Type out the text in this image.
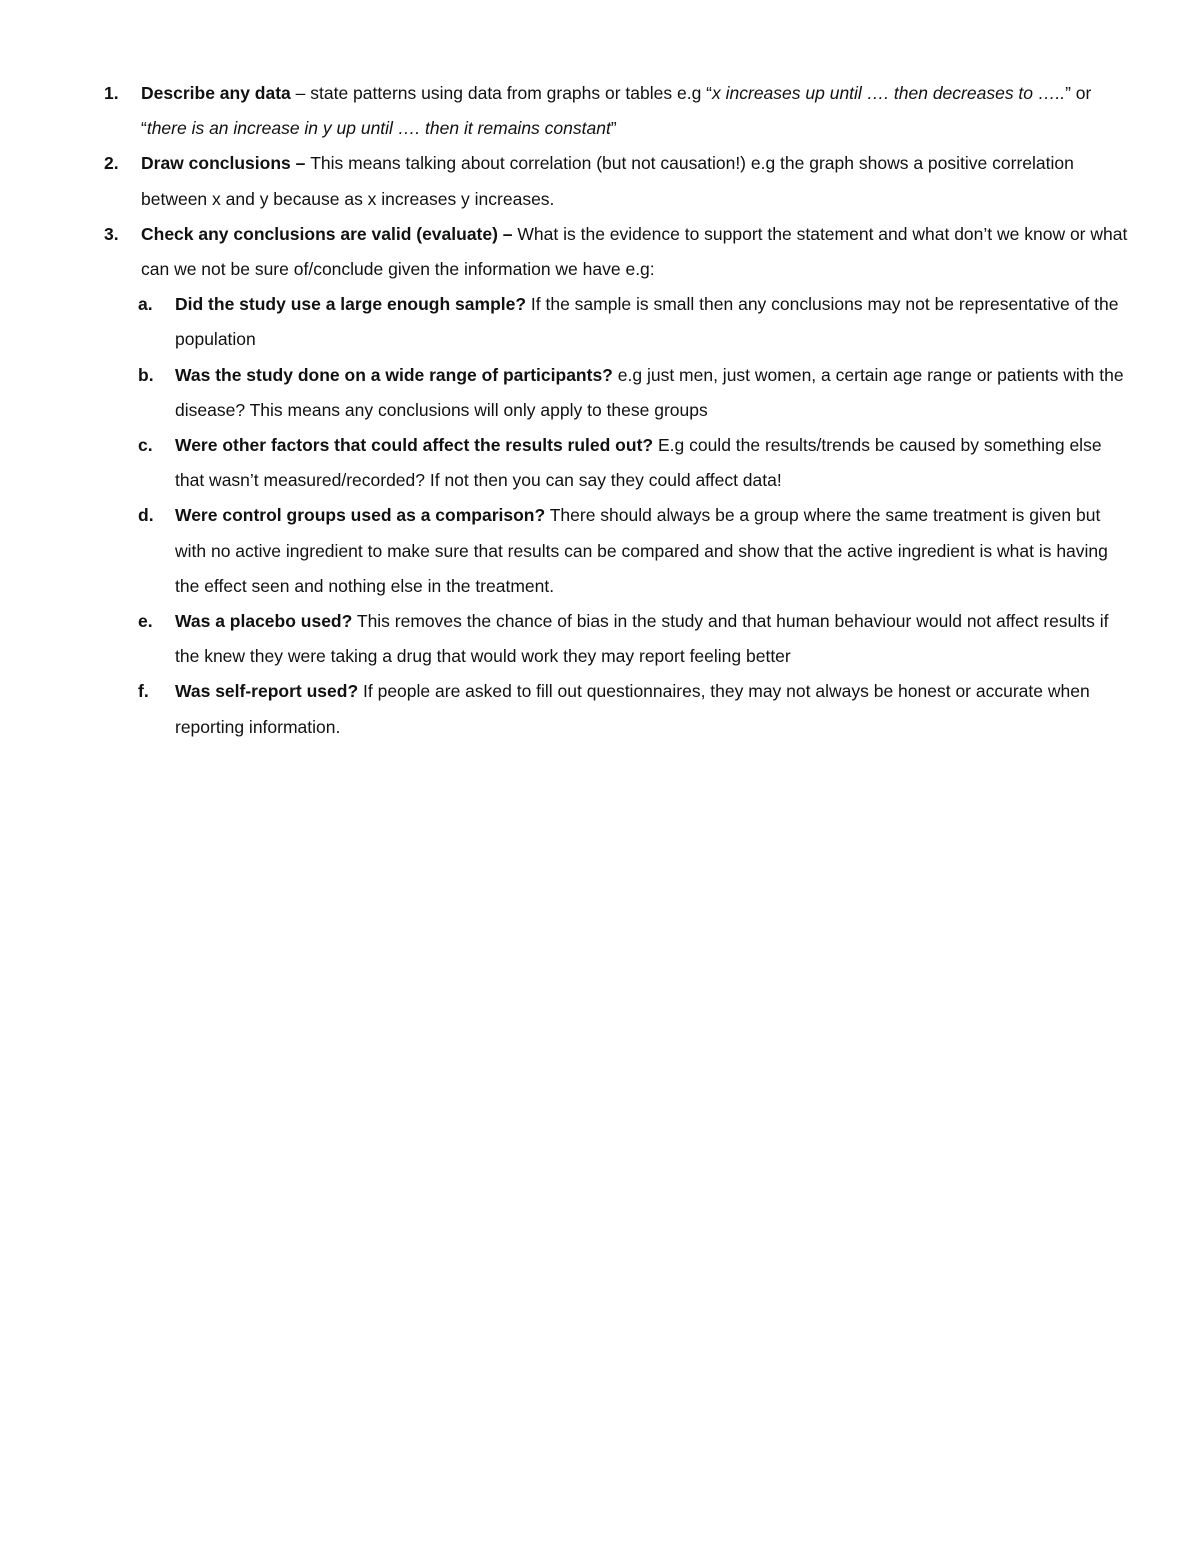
1. Describe any data – state patterns using data from graphs or tables e.g “x increases up until …. then decreases to …..” or “there is an increase in y up until …. then it remains constant”
2. Draw conclusions – This means talking about correlation (but not causation!) e.g the graph shows a positive correlation between x and y because as x increases y increases.
3. Check any conclusions are valid (evaluate) – What is the evidence to support the statement and what don’t we know or what can we not be sure of/conclude given the information we have e.g:
a. Did the study use a large enough sample? If the sample is small then any conclusions may not be representative of the population
b. Was the study done on a wide range of participants? e.g just men, just women, a certain age range or patients with the disease? This means any conclusions will only apply to these groups
c. Were other factors that could affect the results ruled out? E.g could the results/trends be caused by something else that wasn’t measured/recorded? If not then you can say they could affect data!
d. Were control groups used as a comparison? There should always be a group where the same treatment is given but with no active ingredient to make sure that results can be compared and show that the active ingredient is what is having the effect seen and nothing else in the treatment.
e. Was a placebo used? This removes the chance of bias in the study and that human behaviour would not affect results if the knew they were taking a drug that would work they may report feeling better
f. Was self-report used? If people are asked to fill out questionnaires, they may not always be honest or accurate when reporting information.
